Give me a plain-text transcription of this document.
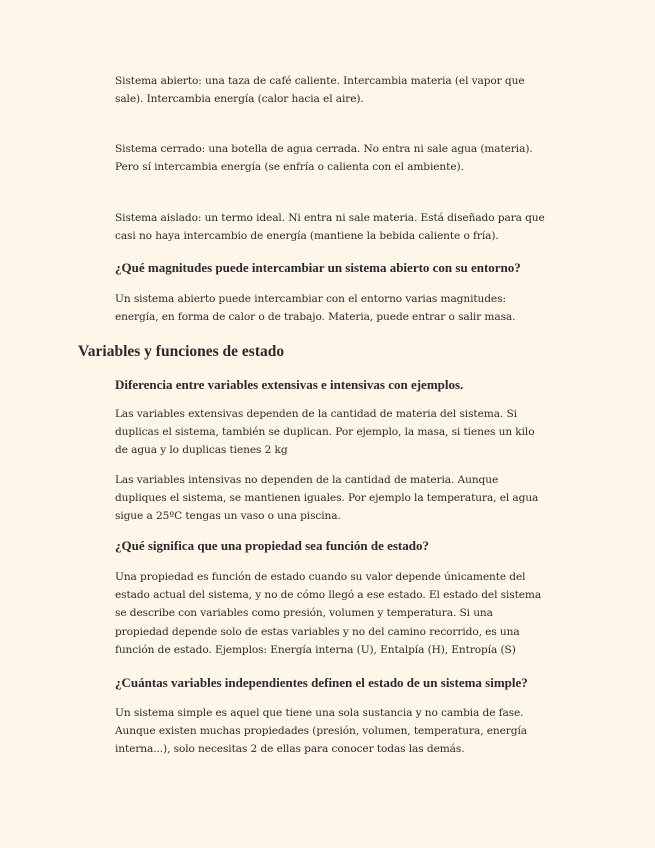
Sistema abierto: una taza de café caliente. Intercambia materia (el vapor que sale). Intercambia energía (calor hacia el aire).

Sistema cerrado: una botella de agua cerrada. No entra ni sale agua (materia). Pero sí intercambia energía (se enfría o calienta con el ambiente).

Sistema aislado: un termo ideal. Ni entra ni sale materia. Está diseñado para que casi no haya intercambio de energía (mantiene la bebida caliente o fría).

¿Qué magnitudes puede intercambiar un sistema abierto con su entorno?

Un sistema abierto puede intercambiar con el entorno varias magnitudes: energía, en forma de calor o de trabajo. Materia, puede entrar o salir masa.

Variables y funciones de estado

Diferencia entre variables extensivas e intensivas con ejemplos.

Las variables extensivas dependen de la cantidad de materia del sistema. Si duplicas el sistema, también se duplican. Por ejemplo, la masa, si tienes un kilo de agua y lo duplicas tienes 2 kg

Las variables intensivas no dependen de la cantidad de materia. Aunque dupliques el sistema, se mantienen iguales. Por ejemplo la temperatura, el agua sigue a 25ºC tengas un vaso o una piscina.

¿Qué significa que una propiedad sea función de estado?

Una propiedad es función de estado cuando su valor depende únicamente del estado actual del sistema, y no de cómo llegó a ese estado. El estado del sistema se describe con variables como presión, volumen y temperatura. Si una propiedad depende solo de estas variables y no del camino recorrido, es una función de estado. Ejemplos: Energía interna (U), Entalpía (H), Entropía (S)

¿Cuántas variables independientes definen el estado de un sistema simple?

Un sistema simple es aquel que tiene una sola sustancia y no cambia de fase. Aunque existen muchas propiedades (presión, volumen, temperatura, energía interna...), solo necesitas 2 de ellas para conocer todas las demás.
